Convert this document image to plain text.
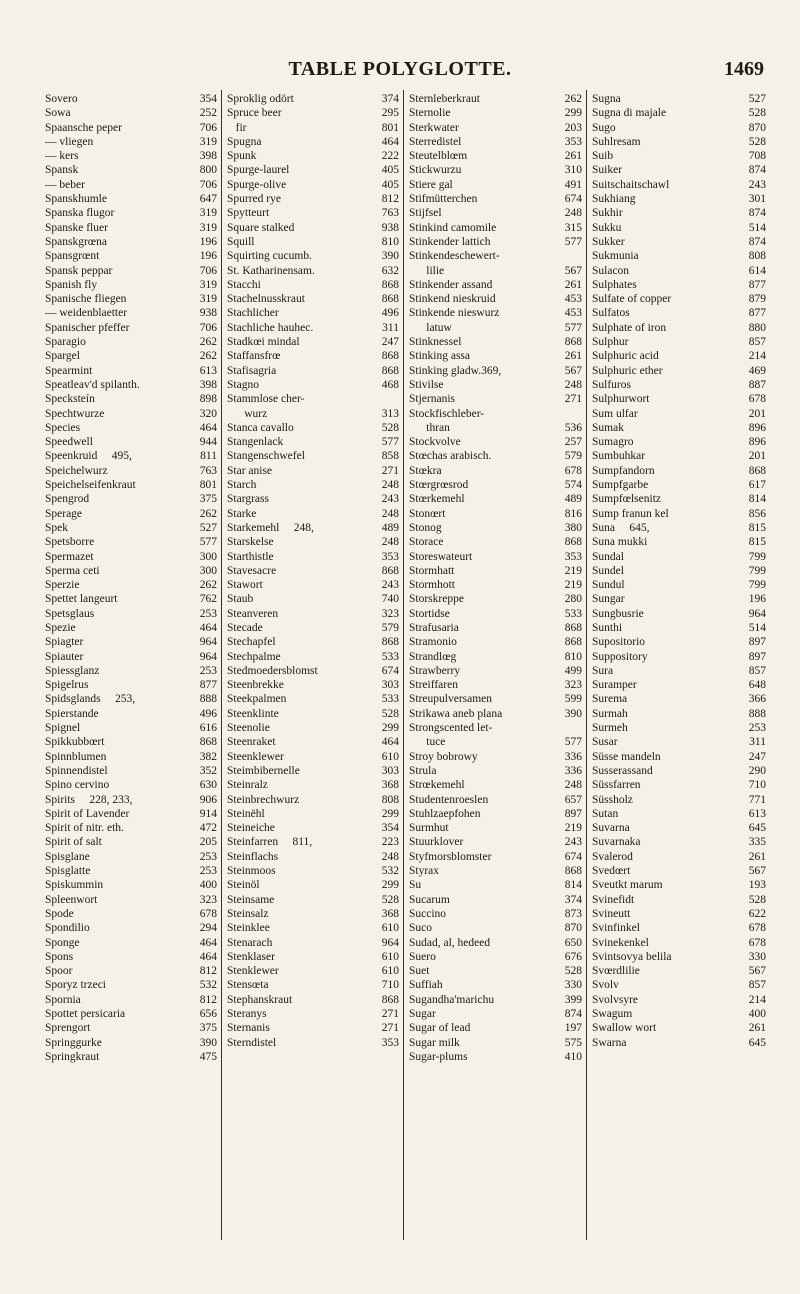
TABLE POLYGLOTTE.	1469
Sovero	354
Sowa	252
Spaansche peper	706
— vliegen	319
— kers	398
Spansk	800
— beber	706
Spanskhumle	647
Spanska flugor	319
Spanske fluer	319
Spanskgrœna	196
Spansgrœnt	196
Spansk peppar	706
Spanish fly	319
Spanische fliegen	319
— weidenblaetter	938
Spanischer pfeffer	706
Sparagio	262
Spargel	262
Spearmint	613
Speatleav'd spilanth.	398
Specksteín	898
Spechtwurze	320
Species	464
Speedwell	944
Speenkruid     495,	811
Speichelwurz	763
Speichelseifenkraut	801
Spengrod	375
Sperage	262
Spek	527
Spetsborre	577
Spermazet	300
Sperma ceti	300
Sperzie	262
Spettet langeurt	762
Spetsglaus	253
Spezie	464
Spiagter	964
Spiauter	964
Spiessglanz	253
Spigelrus	877
Spidsglands     253,	888
Spierstande	496
Spignel	616
Spikkubbœrt	868
Spinnblumen	382
Spinnendistel	352
Spino cervino	630
Spirits     228, 233,	906
Spirit of Lavender	914
Spirit of nitr. eth.	472
Spirit of salt	205
Spisglane	253
Spisglatte	253
Spiskummin	400
Spleenwort	323
Spode	678
Spondilio	294
Sponge	464
Spons	464
Spoor	812
Sporyz trzeci	532
Spornia	812
Spottet persicaria	656
Sprengort	375
Springgurke	390
Springkraut	475
Sproklig odört	374
Spruce beer	295
fir	801
Spugna	464
Spunk	222
Spurge-laurel	405
Spurge-olive	405
Spurred rye	812
Spytteurt	763
Square stalked	938
Squill	810
Squirting cucumb.	390
St. Katharinensam.	632
Stacchi	868
Stachelnusskraut	868
Stachlicher	496
Stachliche hauhec.	311
Stadkœi mindal	247
Staffansfrœ	868
Stafisagria	868
Stagno	468
Stammlose cher-
wurz	313
Stanca cavallo	528
Stangenlack	577
Stangenschwefel	858
Star anise	271
Starch	248
Stargrass	243
Starke	248
Starkemehl     248,	489
Starskelse	248
Starthistle	353
Stavesacre	868
Stawort	243
Staub	740
Steanveren	323
Stecade	579
Stechapfel	868
Stechpalme	533
Stedmoedersblomst	674
Steenbrekke	303
Steekpalmen	533
Steenklinte	528
Steenolie	299
Steenraket	464
Steenklewer	610
Steimbibernelle	303
Steinralz	368
Steinbrechwurz	808
Steinëhl	299
Steineiche	354
Steinfarren     811,	223
Steinflachs	248
Steinmoos	532
Steinöl	299
Steinsame	528
Steinsalz	368
Steinklee	610
Stenarach	964
Stenklaser	610
Stenklewer	610
Stensœta	710
Stephanskraut	868
Steranys	271
Sternanis	271
Sterndistel	353
Sternleberkraut	262
Sternolie	299
Sterkwater	203
Sterredistel	353
Steutelblœm	261
Stickwurzu	310
Stiere gal	491
Stifmütterchen	674
Stijfsel	248
Stinkind camomile	315
Stinkender lattich	577
Stinkendeschewert-
lilie	567
Stinkender assand	261
Stinkend nieskruid	453
Stinkende nieswurz	453
latuw	577
Stinknessel	868
Stinking assa	261
Stinking gladw.369,	567
Stivilse	248
Stjernanis	271
Stockfischleber-
thran	536
Stockvolve	257
Stœchas arabisch.	579
Stœkra	678
Stœrgrœsrod	574
Stœrkemehl	489
Stonœrt	816
Stonog	380
Storace	868
Storeswateurt	353
Stormhatt	219
Stormhott	219
Storskreppe	280
Stortidse	533
Strafusaria	868
Stramonio	868
Strandlœg	810
Strawberry	499
Streiffaren	323
Streupulversamen	599
Strikawa aneb plana	390
Strongscented let-
tuce	577
Stroy bobrowy	336
Strula	336
Strœkemehl	248
Studentenroeslen	657
Stuhlzaepfohen	897
Surmhut	219
Stuurklover	243
Styfmorsblomster	674
Styrax	868
Su	814
Sucarum	374
Succino	873
Suco	870
Sudad, al, hedeed	650
Suero	676
Suet	528
Suffiah	330
Sugandha'marichu	399
Sugar	874
Sugar of lead	197
Sugar milk	575
Sugar-plums	410
Sugna	527
Sugna di majale	528
Sugo	870
Suhlresam	528
Suib	708
Suiker	874
Suitschaitschawl	243
Sukhiang	301
Sukhir	874
Sukku	514
Sukker	874
Sukmunia	808
Sulacon	614
Sulphates	877
Sulfate of copper	879
Sulfatos	877
Sulphate of iron	880
Sulphur	857
Sulphuric acid	214
Sulphuric ether	469
Sulfuros	887
Sulphurwort	678
Sum ulfar	201
Sumak	896
Sumagro	896
Sumbuhkar	201
Sumpfandorn	868
Sumpfgarbe	617
Sumpfœlsenitz	814
Sump franun kel	856
Suna     645,	815
Suna mukki	815
Sundal	799
Sundel	799
Sundul	799
Sungar	196
Sungbusrie	964
Sunthi	514
Supositorio	897
Suppository	897
Sura	857
Suramper	648
Surema	366
Surmah	888
Surmeh	253
Susar	311
Süsse mandeln	247
Susserassand	290
Süssfarren	710
Süssholz	771
Sutan	613
Suvarna	645
Suvarnaka	335
Svalerod	261
Svedœrt	567
Sveutkt marum	193
Svinefidt	528
Svineutt	622
Svinfinkel	678
Svinekenkel	678
Svintsovya belila	330
Svœrdlilie	567
Svolv	857
Svolvsyre	214
Swagum	400
Swallow wort	261
Swarna	645
